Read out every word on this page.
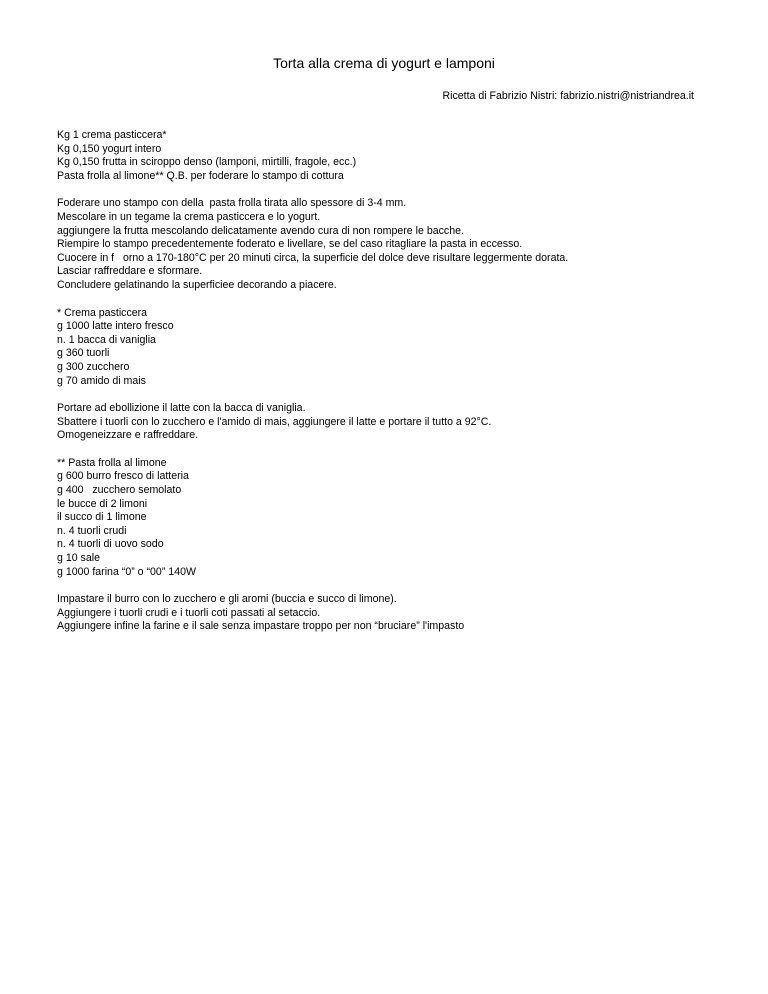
Torta alla crema di yogurt e lamponi

Ricetta di Fabrizio Nistri: fabrizio.nistri@nistriandrea.it

Kg 1 crema pasticcera*
Kg 0,150 yogurt intero
Kg 0,150 frutta in sciroppo denso (lamponi, mirtilli, fragole, ecc.)
Pasta frolla al limone** Q.B. per foderare lo stampo di cottura
Foderare uno stampo con della  pasta frolla tirata allo spessore di 3-4 mm.
Mescolare in un tegame la crema pasticcera e lo yogurt.
aggiungere la frutta mescolando delicatamente avendo cura di non rompere le bacche.
Riempire lo stampo precedentemente foderato e livellare, se del caso ritagliare la pasta in eccesso.
Cuocere in f   orno a 170-180°C per 20 minuti circa, la superficie del dolce deve risultare leggermente dorata.
Lasciar raffreddare e sformare.
Concludere gelatinando la superficiee decorando a piacere.
* Crema pasticcera
g 1000 latte intero fresco
n. 1 bacca di vaniglia
g 360 tuorli
g 300 zucchero
g 70 amido di mais
Portare ad ebollizione il latte con la bacca di vaniglia.
Sbattere i tuorli con lo zucchero e l'amido di mais, aggiungere il latte e portare il tutto a 92°C.
Omogeneizzare e raffreddare.
** Pasta frolla al limone
g 600 burro fresco di latteria
g 400   zucchero semolato
le bucce di 2 limoni
il succo di 1 limone
n. 4 tuorli crudi
n. 4 tuorli di uovo sodo
g 10 sale
g 1000 farina “0” o “00” 140W
Impastare il burro con lo zucchero e gli aromi (buccia e succo di limone).
Aggiungere i tuorli crudi e i tuorli coti passati al setaccio.
Aggiungere infine la farine e il sale senza impastare troppo per non “bruciare” l'impasto
